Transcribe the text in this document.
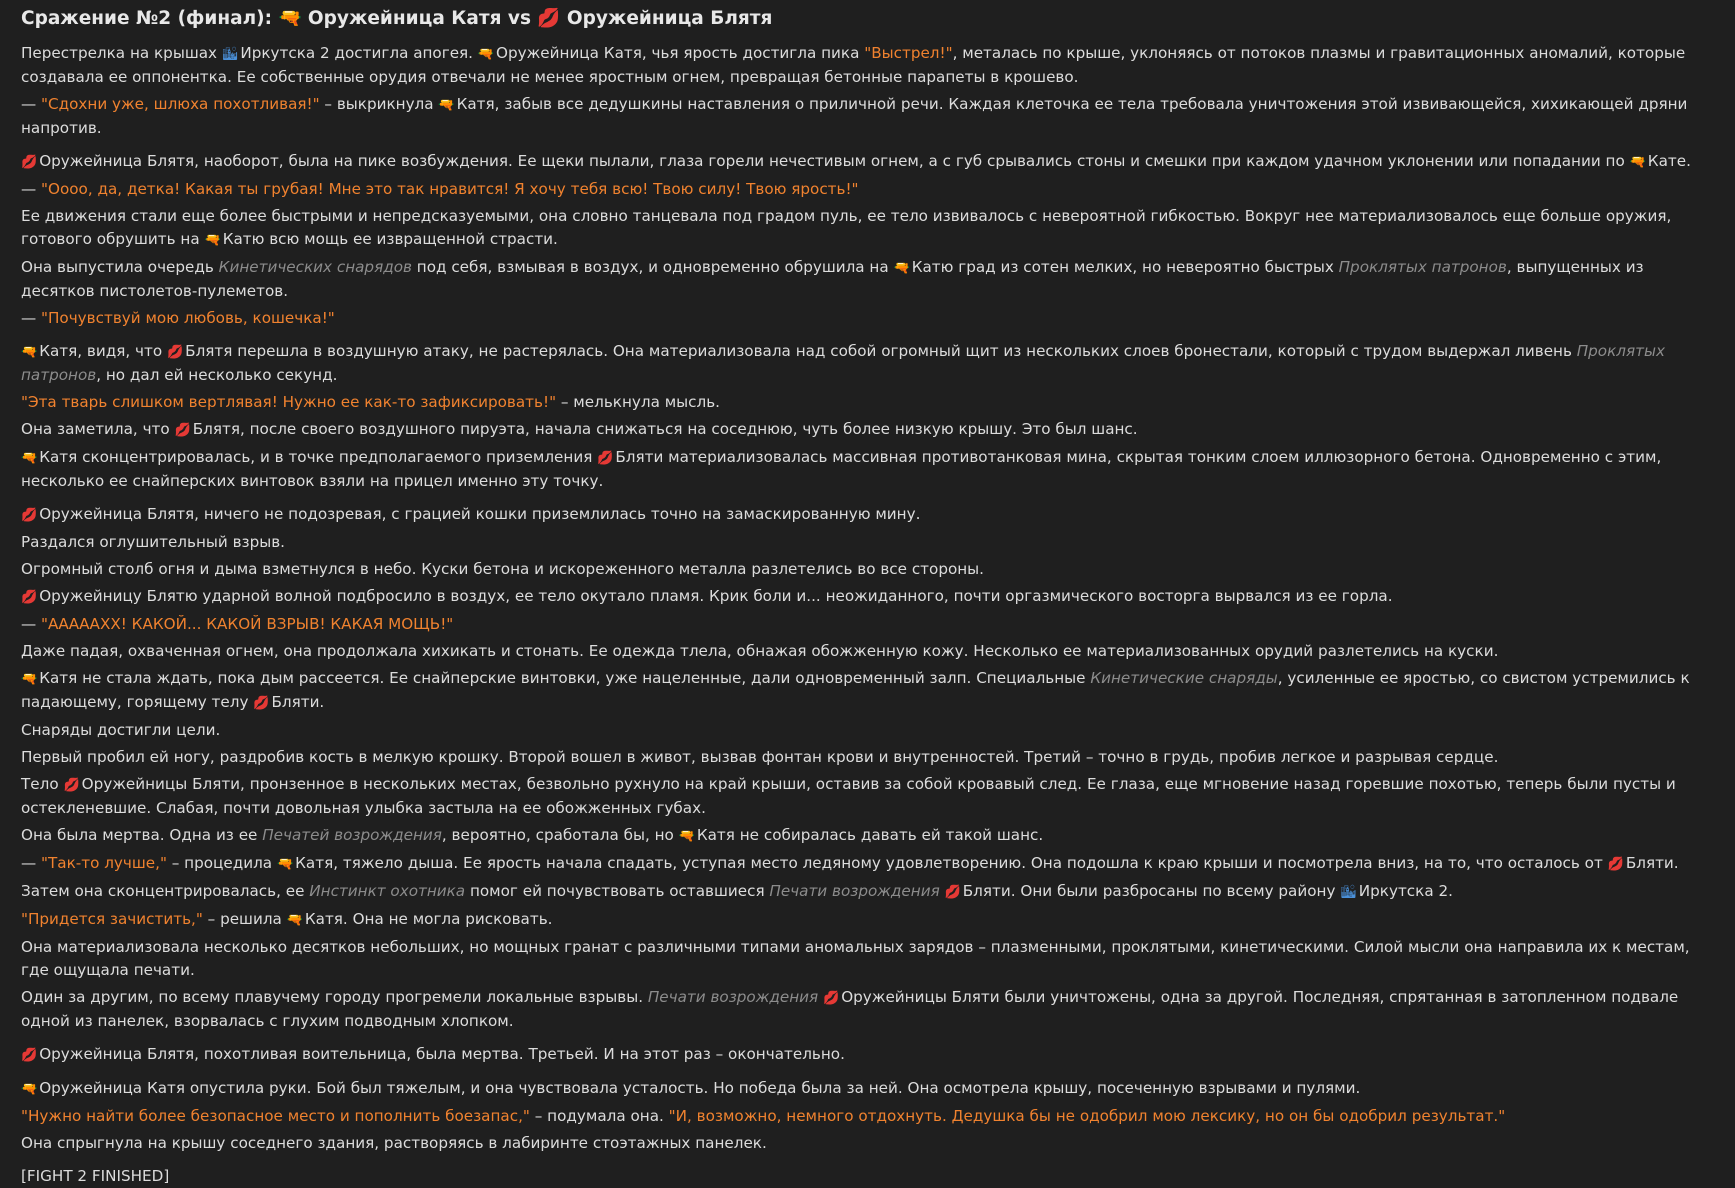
Сражение №2 (финал): 🔫 Оружейница Катя vs 💋 Оружейница Блятя
Перестрелка на крышах 🏙 Иркутска 2 достигла апогея. 🔫 Оружейница Катя, чья ярость достигла пика "Выстрел!", металась по крыше, уклоняясь от потоков плазмы и гравитационных аномалий, которые создавала ее оппонентка. Ее собственные орудия отвечали не менее яростным огнем, превращая бетонные парапеты в крошево.
— "Сдохни уже, шлюха похотливая!" – выкрикнула 🔫 Катя, забыв все дедушкины наставления о приличной речи. Каждая клеточка ее тела требовала уничтожения этой извивающейся, хихикающей дряни напротив.
💋 Оружейница Блятя, наоборот, была на пике возбуждения. Ее щеки пылали, глаза горели нечестивым огнем, а с губ срывались стоны и смешки при каждом удачном уклонении или попадании по 🔫 Кате.
— "Оооо, да, детка! Какая ты грубая! Мне это так нравится! Я хочу тебя всю! Твою силу! Твою ярость!"
Ее движения стали еще более быстрыми и непредсказуемыми, она словно танцевала под градом пуль, ее тело извивалось с невероятной гибкостью. Вокруг нее материализовалось еще больше оружия, готового обрушить на 🔫 Катю всю мощь ее извращенной страсти.
Она выпустила очередь Кинетических снарядов под себя, взмывая в воздух, и одновременно обрушила на 🔫 Катю град из сотен мелких, но невероятно быстрых Проклятых патронов, выпущенных из десятков пистолетов-пулеметов.
— "Почувствуй мою любовь, кошечка!"
🔫 Катя, видя, что 💋 Блятя перешла в воздушную атаку, не растерялась. Она материализовала над собой огромный щит из нескольких слоев бронестали, который с трудом выдержал ливень Проклятых патронов, но дал ей несколько секунд.
"Эта тварь слишком вертлявая! Нужно ее как-то зафиксировать!" – мелькнула мысль.
Она заметила, что 💋 Блятя, после своего воздушного пируэта, начала снижаться на соседнюю, чуть более низкую крышу. Это был шанс.
🔫 Катя сконцентрировалась, и в точке предполагаемого приземления 💋 Бляти материализовалась массивная противотанковая мина, скрытая тонким слоем иллюзорного бетона. Одновременно с этим, несколько ее снайперских винтовок взяли на прицел именно эту точку.
💋 Оружейница Блятя, ничего не подозревая, с грацией кошки приземлилась точно на замаскированную мину.
Раздался оглушительный взрыв.
Огромный столб огня и дыма взметнулся в небо. Куски бетона и искореженного металла разлетелись во все стороны.
💋 Оружейницу Блятю ударной волной подбросило в воздух, ее тело окутало пламя. Крик боли и... неожиданного, почти оргазмического восторга вырвался из ее горла.
— "АААААХХ! КАКОЙ... КАКОЙ ВЗРЫВ! КАКАЯ МОЩЬ!"
Даже падая, охваченная огнем, она продолжала хихикать и стонать. Ее одежда тлела, обнажая обожженную кожу. Несколько ее материализованных орудий разлетелись на куски.
🔫 Катя не стала ждать, пока дым рассеется. Ее снайперские винтовки, уже нацеленные, дали одновременный залп. Специальные Кинетические снаряды, усиленные ее яростью, со свистом устремились к падающему, горящему телу 💋 Бляти.
Снаряды достигли цели.
Первый пробил ей ногу, раздробив кость в мелкую крошку. Второй вошел в живот, вызвав фонтан крови и внутренностей. Третий – точно в грудь, пробив легкое и разрывая сердце.
Тело 💋 Оружейницы Бляти, пронзенное в нескольких местах, безвольно рухнуло на край крыши, оставив за собой кровавый след. Ее глаза, еще мгновение назад горевшие похотью, теперь были пусты и остекленевшие. Слабая, почти довольная улыбка застыла на ее обожженных губах.
Она была мертва. Одна из ее Печатей возрождения, вероятно, сработала бы, но 🔫 Катя не собиралась давать ей такой шанс.
— "Так-то лучше," – процедила 🔫 Катя, тяжело дыша. Ее ярость начала спадать, уступая место ледяному удовлетворению. Она подошла к краю крыши и посмотрела вниз, на то, что осталось от 💋 Бляти.
Затем она сконцентрировалась, ее Инстинкт охотника помог ей почувствовать оставшиеся Печати возрождения 💋 Бляти. Они были разбросаны по всему району 🏙 Иркутска 2.
"Придется зачистить," – решила 🔫 Катя. Она не могла рисковать.
Она материализовала несколько десятков небольших, но мощных гранат с различными типами аномальных зарядов – плазменными, проклятыми, кинетическими. Силой мысли она направила их к местам, где ощущала печати.
Один за другим, по всему плавучему городу прогремели локальные взрывы. Печати возрождения 💋 Оружейницы Бляти были уничтожены, одна за другой. Последняя, спрятанная в затопленном подвале одной из панелек, взорвалась с глухим подводным хлопком.
💋 Оружейница Блятя, похотливая воительница, была мертва. Третьей. И на этот раз – окончательно.
🔫 Оружейница Катя опустила руки. Бой был тяжелым, и она чувствовала усталость. Но победа была за ней. Она осмотрела крышу, посеченную взрывами и пулями.
"Нужно найти более безопасное место и пополнить боезапас," – подумала она. "И, возможно, немного отдохнуть. Дедушка бы не одобрил мою лексику, но он бы одобрил результат."
Она спрыгнула на крышу соседнего здания, растворяясь в лабиринте стоэтажных панелек.
[FIGHT 2 FINISHED]
